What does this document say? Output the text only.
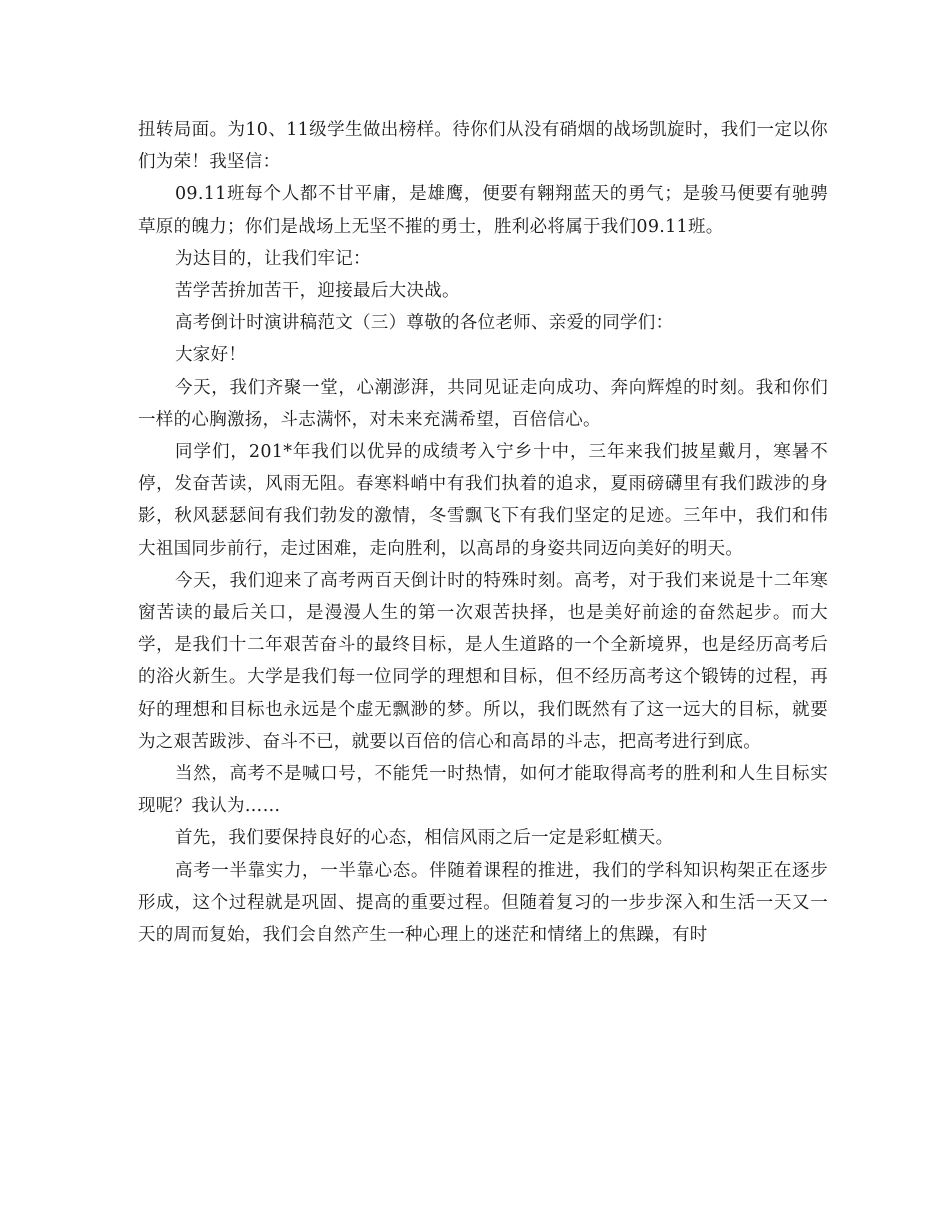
扭转局面。为10、11级学生做出榜样。待你们从没有硝烟的战场凯旋时，我们一定以你们为荣！我坚信：

09.11班每个人都不甘平庸，是雄鹰，便要有翱翔蓝天的勇气；是骏马便要有驰骋草原的魄力；你们是战场上无坚不摧的勇士，胜利必将属于我们09.11班。

为达目的，让我们牢记：

苦学苦拚加苦干，迎接最后大决战。

高考倒计时演讲稿范文（三）尊敬的各位老师、亲爱的同学们：

大家好！

今天，我们齐聚一堂，心潮澎湃，共同见证走向成功、奔向辉煌的时刻。我和你们一样的心胸激扬，斗志满怀，对未来充满希望，百倍信心。

同学们，201*年我们以优异的成绩考入宁乡十中，三年来我们披星戴月，寒暑不停，发奋苦读，风雨无阻。春寒料峭中有我们执着的追求，夏雨磅礴里有我们跋涉的身影，秋风瑟瑟间有我们勃发的激情，冬雪飘飞下有我们坚定的足迹。三年中，我们和伟大祖国同步前行，走过困难，走向胜利，以高昂的身姿共同迈向美好的明天。

今天，我们迎来了高考两百天倒计时的特殊时刻。高考，对于我们来说是十二年寒窗苦读的最后关口，是漫漫人生的第一次艰苦抉择，也是美好前途的奋然起步。而大学，是我们十二年艰苦奋斗的最终目标，是人生道路的一个全新境界，也是经历高考后的浴火新生。大学是我们每一位同学的理想和目标，但不经历高考这个锻铸的过程，再好的理想和目标也永远是个虚无飘渺的梦。所以，我们既然有了这一远大的目标，就要为之艰苦跋涉、奋斗不已，就要以百倍的信心和高昂的斗志，把高考进行到底。

当然，高考不是喊口号，不能凭一时热情，如何才能取得高考的胜利和人生目标实现呢？我认为……

首先，我们要保持良好的心态，相信风雨之后一定是彩虹横天。

高考一半靠实力，一半靠心态。伴随着课程的推进，我们的学科知识构架正在逐步形成，这个过程就是巩固、提高的重要过程。但随着复习的一步步深入和生活一天又一天的周而复始，我们会自然产生一种心理上的迷茫和情绪上的焦躁，有时
